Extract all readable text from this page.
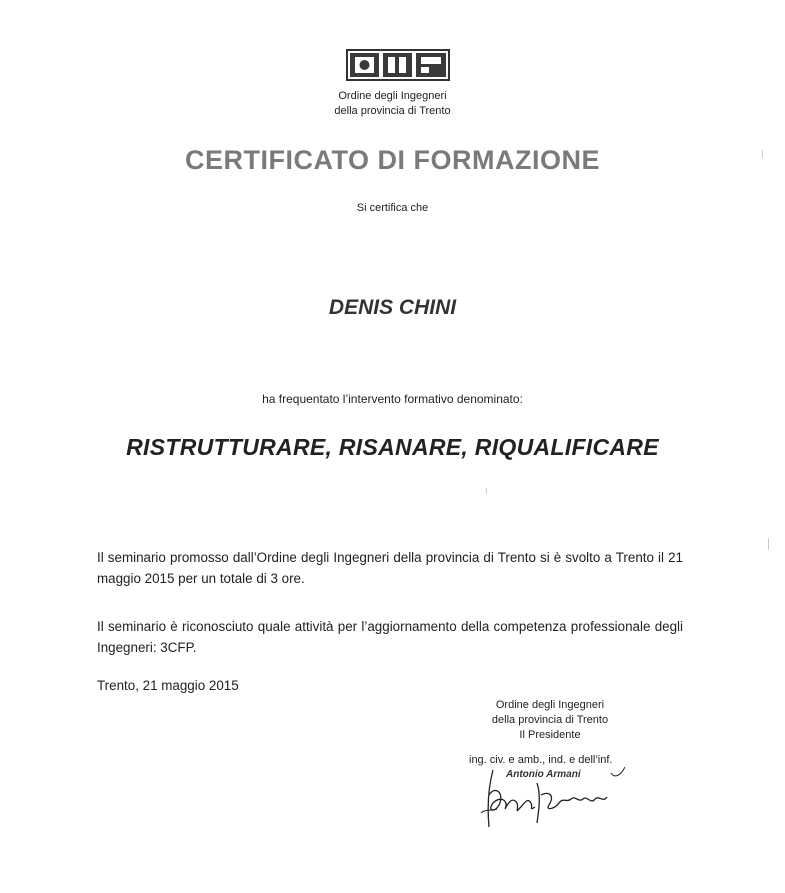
Ordine degli Ingegneri
della provincia di Trento
CERTIFICATO DI FORMAZIONE
Si certifica che
DENIS CHINI
ha frequentato l’intervento formativo denominato:
RISTRUTTURARE, RISANARE, RIQUALIFICARE
Il seminario promosso dall’Ordine degli Ingegneri della provincia di Trento si è svolto a Trento il 21 maggio 2015 per un totale di 3 ore.
Il seminario è riconosciuto quale attività per l’aggiornamento della competenza professionale degli Ingegneri: 3CFP.
Trento, 21 maggio 2015
Ordine degli Ingegneri
della provincia di Trento
Il Presidente
ing. civ. e amb., ind. e dell’inf.
Antonio Armani
